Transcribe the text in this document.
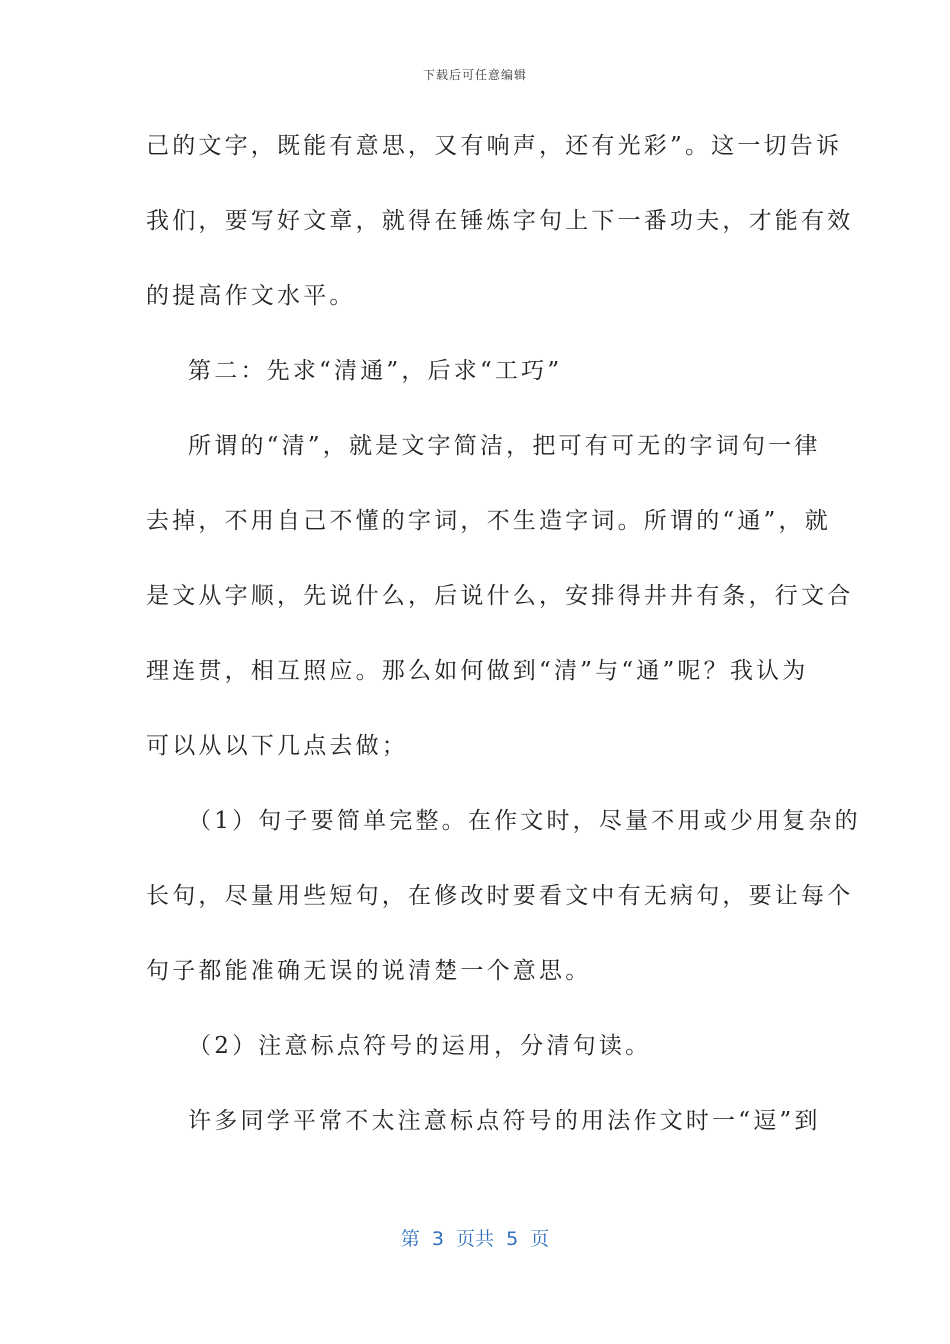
下载后可任意编辑
己的文字，既能有意思，又有响声，还有光彩”。这一切告诉
我们，要写好文章，就得在锤炼字句上下一番功夫，才能有效
的提高作文水平。
第二：先求“清通”，后求“工巧”
所谓的“清”，就是文字简洁，把可有可无的字词句一律
去掉，不用自己不懂的字词，不生造字词。所谓的“通”，就
是文从字顺，先说什么，后说什么，安排得井井有条，行文合
理连贯，相互照应。那么如何做到“清”与“通”呢？我认为
可以从以下几点去做；
（1）句子要简单完整。在作文时，尽量不用或少用复杂的
长句，尽量用些短句，在修改时要看文中有无病句，要让每个
句子都能准确无误的说清楚一个意思。
（2）注意标点符号的运用，分清句读。
许多同学平常不太注意标点符号的用法作文时一“逗”到
第  3  页共  5  页
